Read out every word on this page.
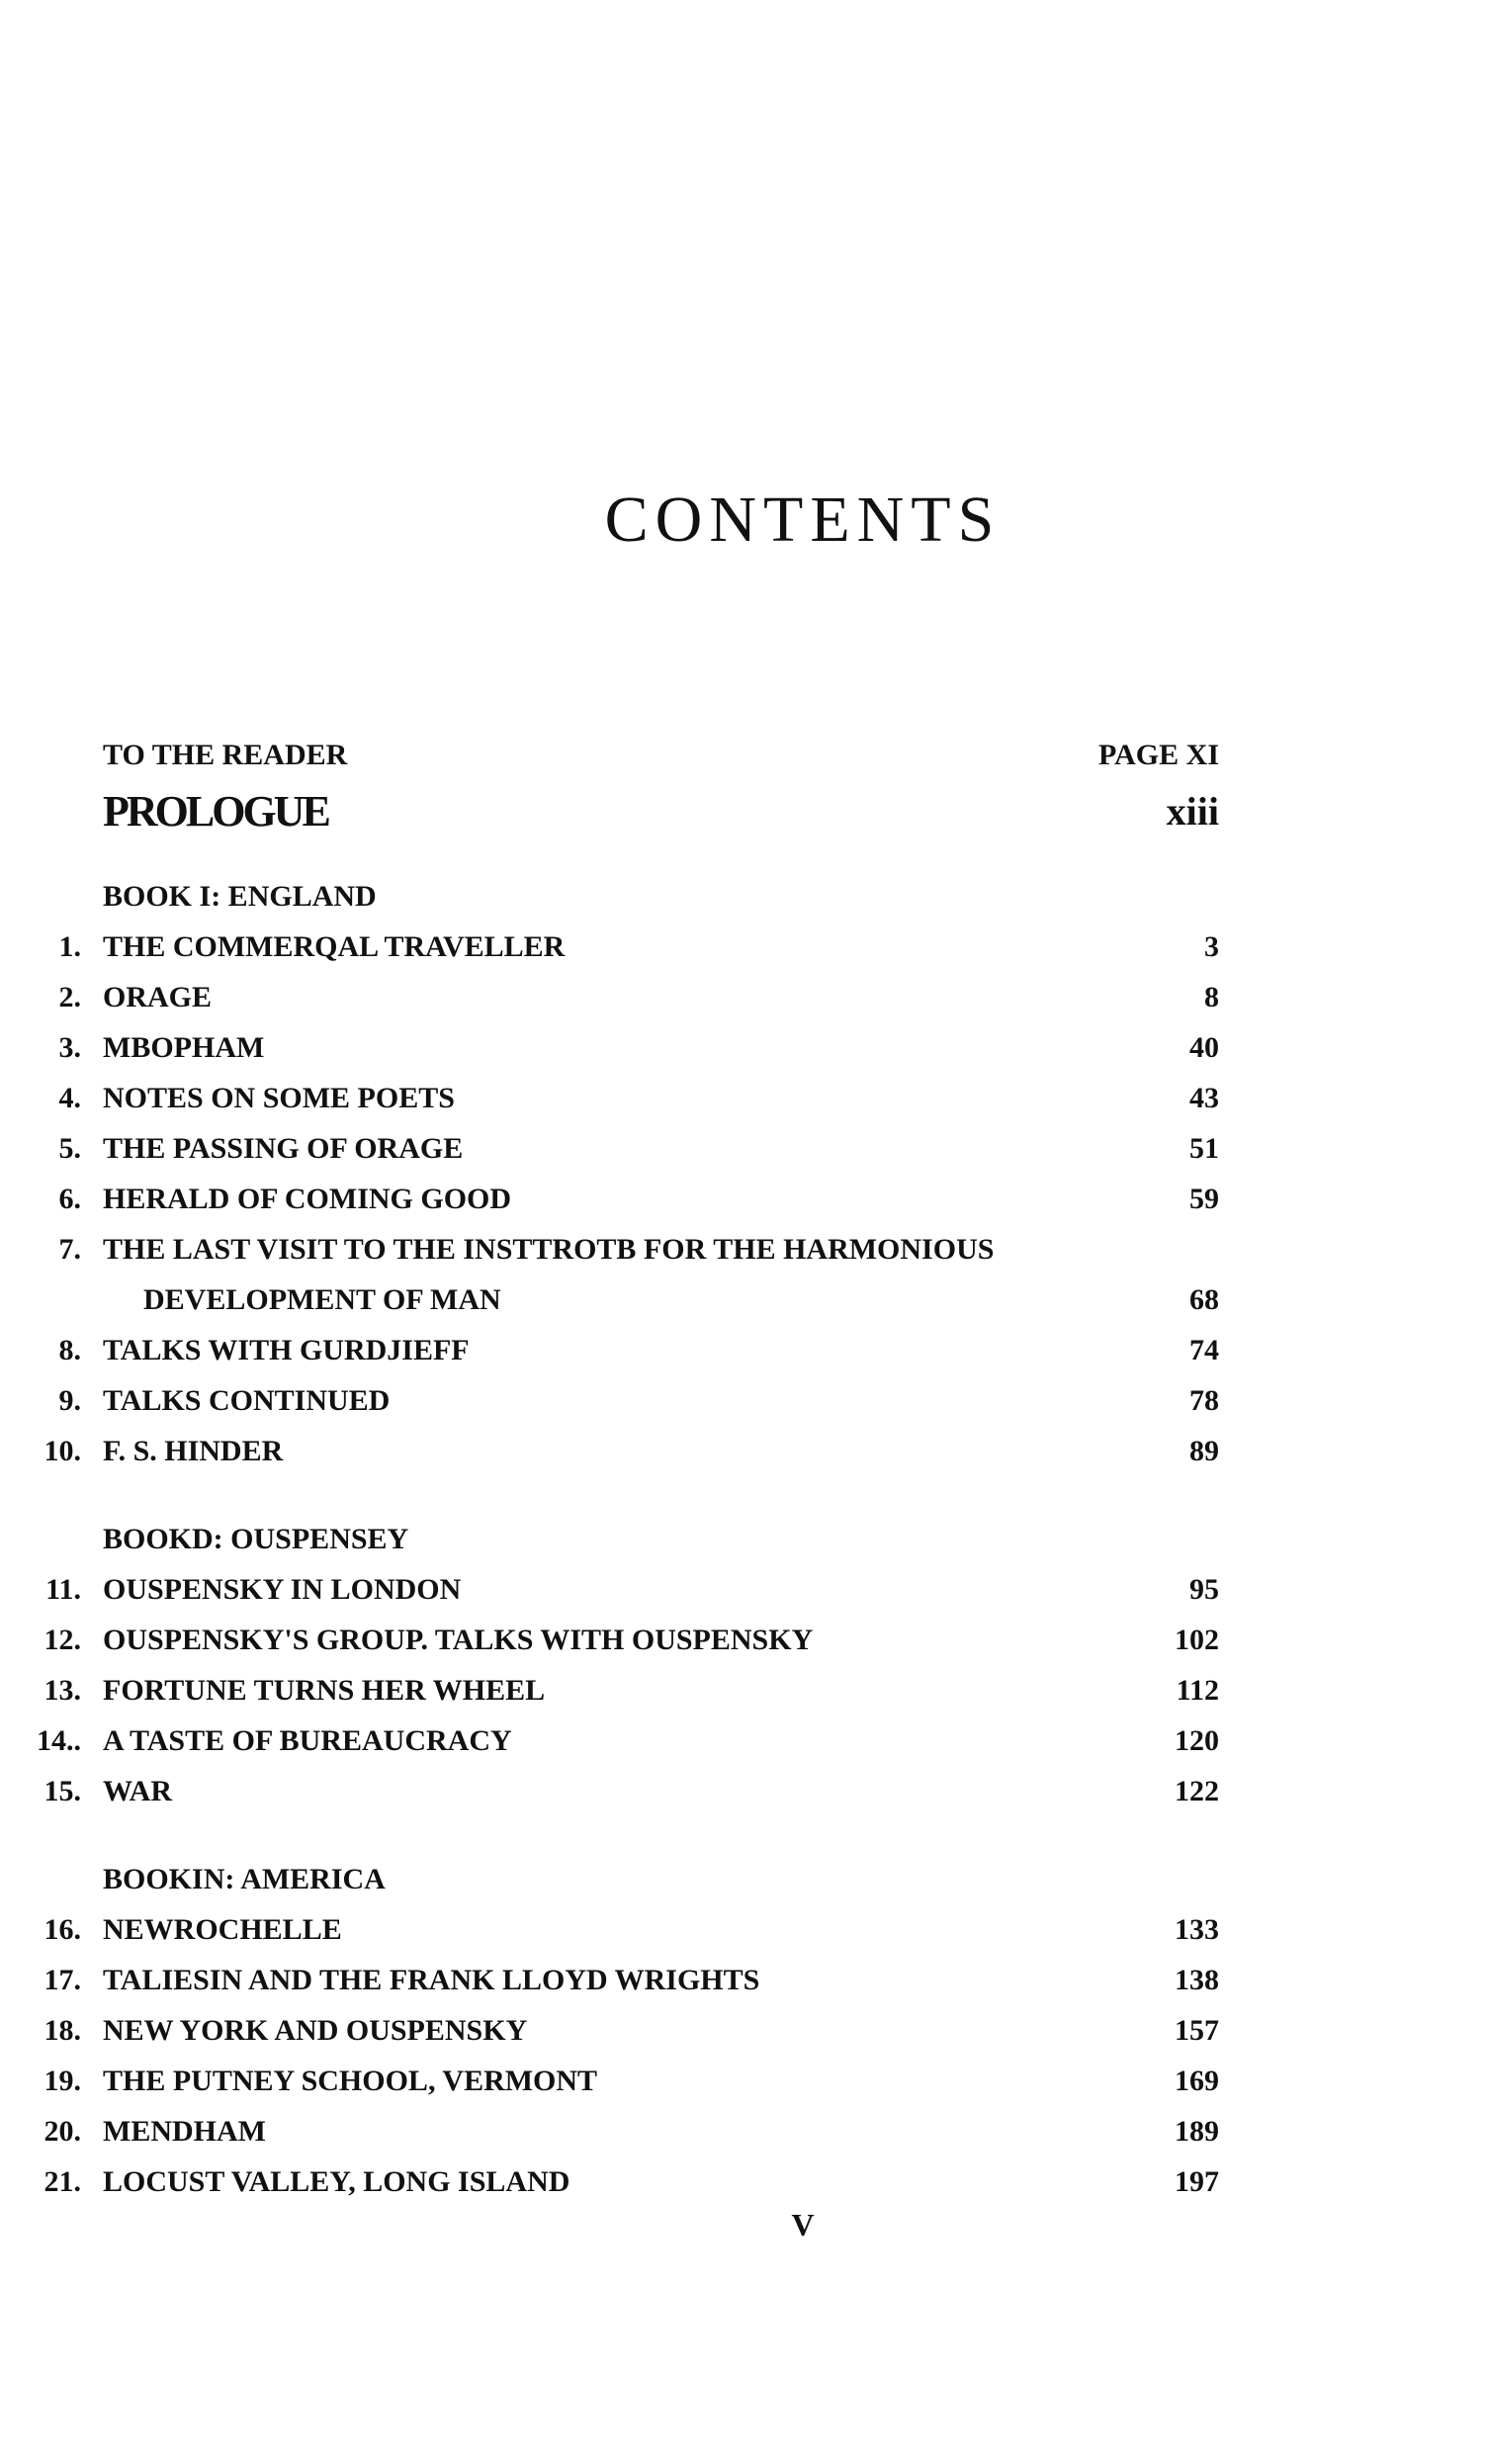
CONTENTS
TO THE READER	PAGE XI
PROLOGUE	xiii
BOOK I: ENGLAND
1. THE COMMERQAL TRAVELLER	3
2. ORAGE	8
3. MBOPHAM	40
4. NOTES ON SOME POETS	43
5. THE PASSING OF ORAGE	51
6. HERALD OF COMING GOOD	59
7. THE LAST VISIT TO THE INSTTROTB FOR THE HARMONIOUS
DEVELOPMENT OF MAN	68
8. TALKS WITH GURDJIEFF	74
9. TALKS CONTINUED	78
10. F. S. HINDER	89
BOOKD: OUSPENSEY
11. OUSPENSKY IN LONDON	95
12. OUSPENSKY'S GROUP. TALKS WITH OUSPENSKY	102
13. FORTUNE TURNS HER WHEEL	112
14.. A TASTE OF BUREAUCRACY	120
15. WAR	122
BOOKIN: AMERICA
16. NEWROCHELLE	133
17. TALIESIN AND THE FRANK LLOYD WRIGHTS	138
18. NEW YORK AND OUSPENSKY	157
19. THE PUTNEY SCHOOL, VERMONT	169
20. MENDHAM	189
21. LOCUST VALLEY, LONG ISLAND	197
V
